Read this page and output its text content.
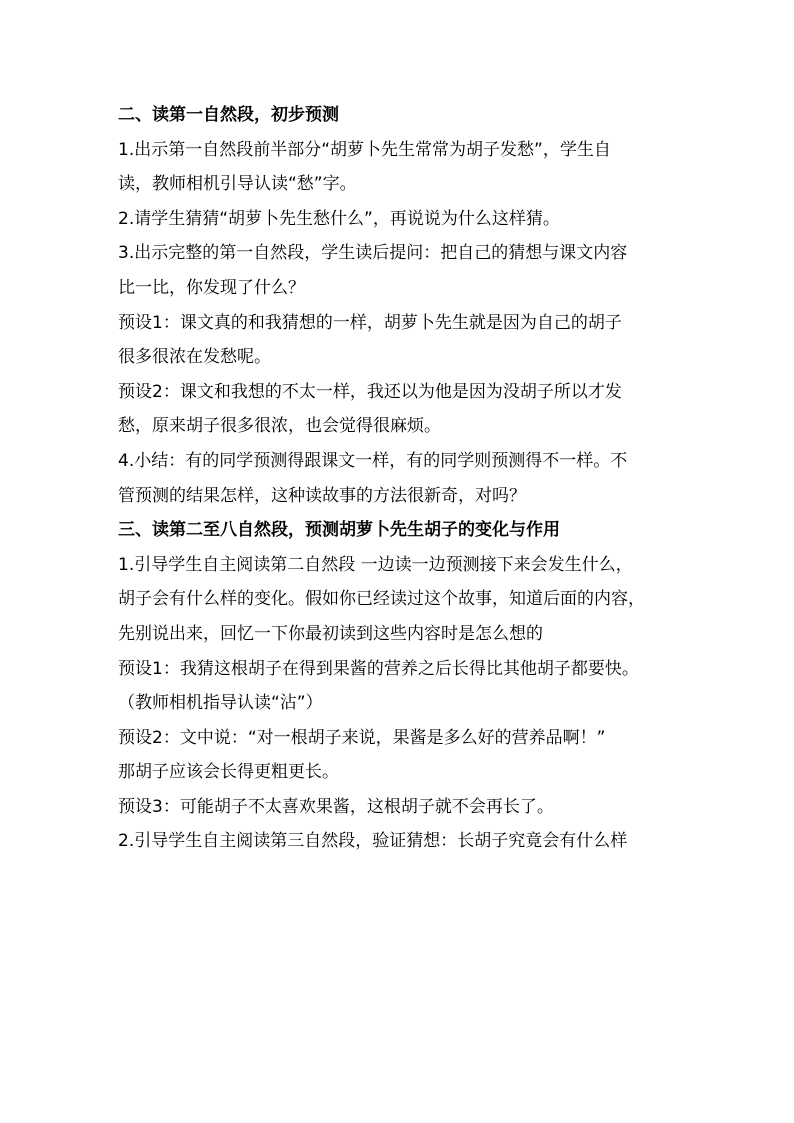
二、读第一自然段，初步预测
1.出示第一自然段前半部分“胡萝卜先生常常为胡子发愁”，学生自
读，教师相机引导认读“愁”字。
2.请学生猜猜“胡萝卜先生愁什么”，再说说为什么这样猜。
3.出示完整的第一自然段，学生读后提问：把自己的猜想与课文内容
比一比，你发现了什么？
预设1：课文真的和我猜想的一样，胡萝卜先生就是因为自己的胡子
很多很浓在发愁呢。
预设2：课文和我想的不太一样，我还以为他是因为没胡子所以才发
愁，原来胡子很多很浓，也会觉得很麻烦。
4.小结：有的同学预测得跟课文一样，有的同学则预测得不一样。不
管预测的结果怎样，这种读故事的方法很新奇，对吗？
三、读第二至八自然段，预测胡萝卜先生胡子的变化与作用
1.引导学生自主阅读第二自然段 一边读一边预测接下来会发生什么，
胡子会有什么样的变化。假如你已经读过这个故事，知道后面的内容，
先别说出来，回忆一下你最初读到这些内容时是怎么想的
预设1：我猜这根胡子在得到果酱的营养之后长得比其他胡子都要快。
（教师相机指导认读“沾”）
预设2：文中说：“对一根胡子来说，果酱是多么好的营养品啊！”
那胡子应该会长得更粗更长。
预设3：可能胡子不太喜欢果酱，这根胡子就不会再长了。
2.引导学生自主阅读第三自然段，验证猜想：长胡子究竟会有什么样
